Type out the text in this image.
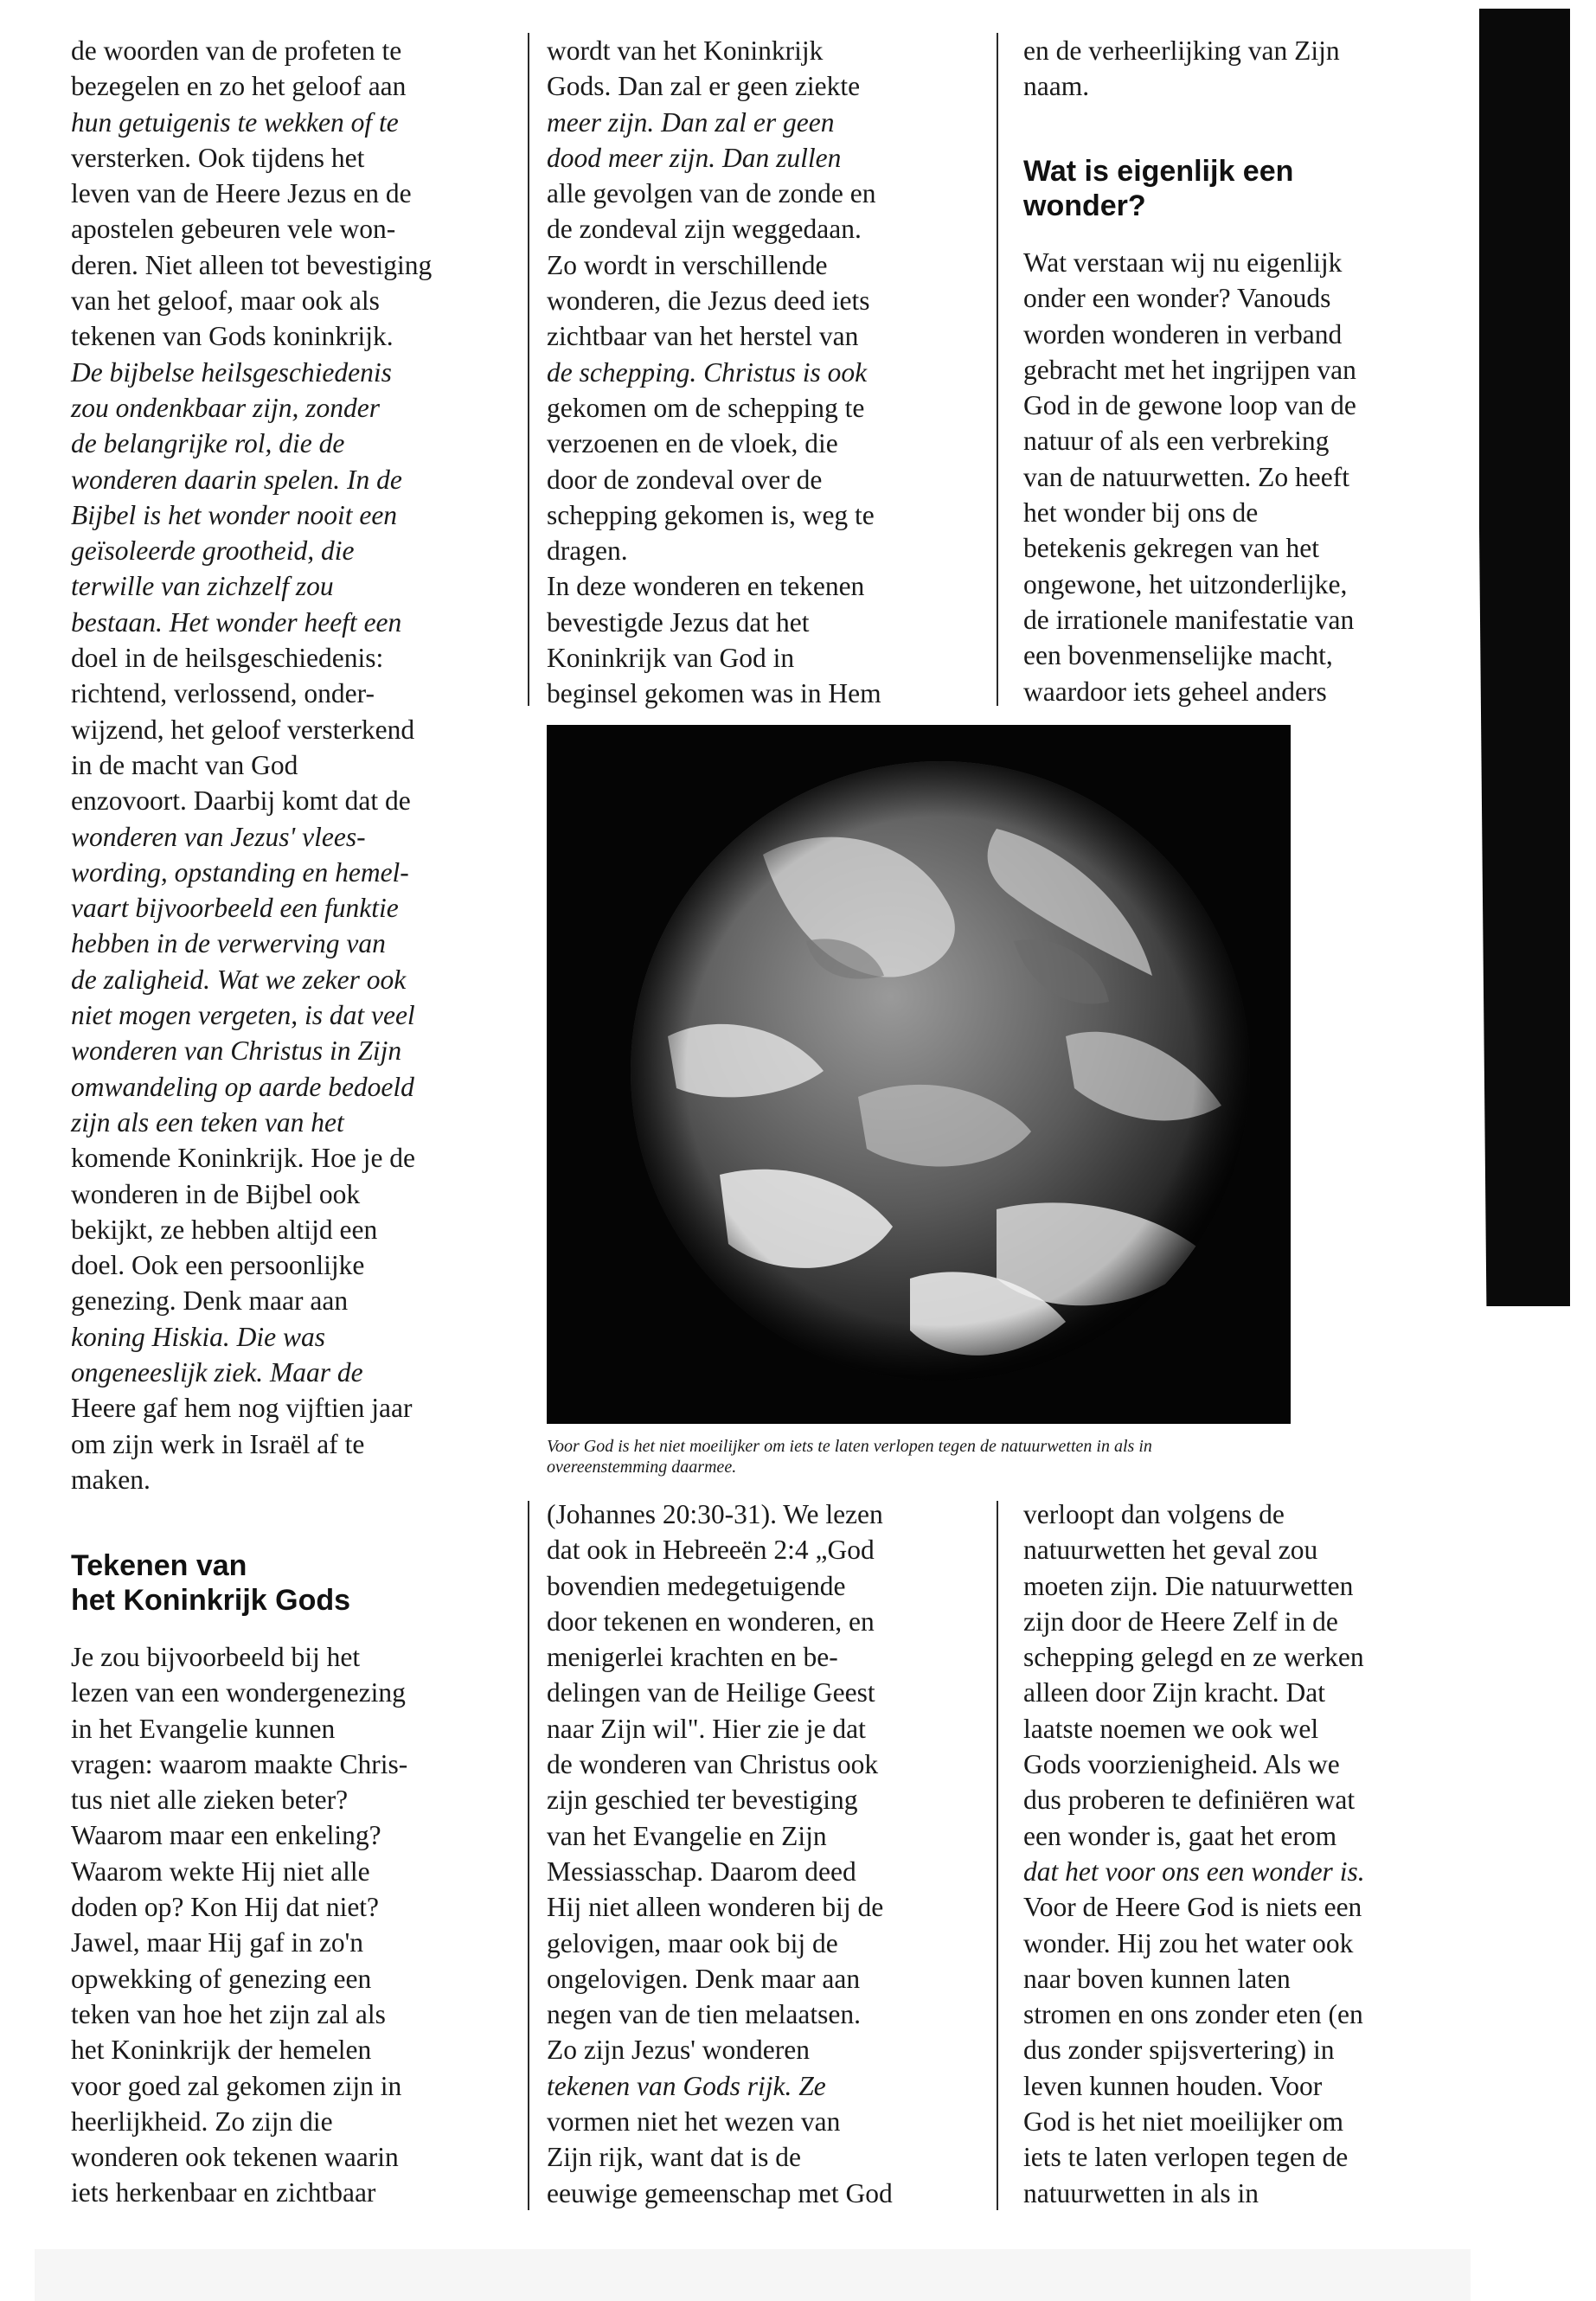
de woorden van de profeten te
bezegelen en zo het geloof aan
hun getuigenis te wekken of te
versterken. Ook tijdens het
leven van de Heere Jezus en de
apostelen gebeuren vele won-
deren. Niet alleen tot bevestiging
van het geloof, maar ook als
tekenen van Gods koninkrijk.
De bijbelse heilsgeschiedenis
zou ondenkbaar zijn, zonder
de belangrijke rol, die de
wonderen daarin spelen. In de
Bijbel is het wonder nooit een
geïsoleerde grootheid, die
terwille van zichzelf zou
bestaan. Het wonder heeft een
doel in de heilsgeschiedenis:
richtend, verlossend, onder-
wijzend, het geloof versterkend
in de macht van God
enzovoort. Daarbij komt dat de
wonderen van Jezus' vlees-
wording, opstanding en hemel-
vaart bijvoorbeeld een funktie
hebben in de verwerving van
de zaligheid. Wat we zeker ook
niet mogen vergeten, is dat veel
wonderen van Christus in Zijn
omwandeling op aarde bedoeld
zijn als een teken van het
komende Koninkrijk. Hoe je de
wonderen in de Bijbel ook
bekijkt, ze hebben altijd een
doel. Ook een persoonlijke
genezing. Denk maar aan
koning Hiskia. Die was
ongeneeslijk ziek. Maar de
Heere gaf hem nog vijftien jaar
om zijn werk in Israël af te
maken.
Tekenen van
het Koninkrijk Gods
Je zou bijvoorbeeld bij het
lezen van een wondergenezing
in het Evangelie kunnen
vragen: waarom maakte Chris-
tus niet alle zieken beter?
Waarom maar een enkeling?
Waarom wekte Hij niet alle
doden op? Kon Hij dat niet?
Jawel, maar Hij gaf in zo'n
opwekking of genezing een
teken van hoe het zijn zal als
het Koninkrijk der hemelen
voor goed zal gekomen zijn in
heerlijkheid. Zo zijn die
wonderen ook tekenen waarin
iets herkenbaar en zichtbaar
wordt van het Koninkrijk
Gods. Dan zal er geen ziekte
meer zijn. Dan zal er geen
dood meer zijn. Dan zullen
alle gevolgen van de zonde en
de zondeval zijn weggedaan.
Zo wordt in verschillende
wonderen, die Jezus deed iets
zichtbaar van het herstel van
de schepping. Christus is ook
gekomen om de schepping te
verzoenen en de vloek, die
door de zondeval over de
schepping gekomen is, weg te
dragen.
In deze wonderen en tekenen
bevestigde Jezus dat het
Koninkrijk van God in
beginsel gekomen was in Hem
en de verheerlijking van Zijn
naam.
Wat is eigenlijk een
wonder?
Wat verstaan wij nu eigenlijk
onder een wonder? Vanouds
worden wonderen in verband
gebracht met het ingrijpen van
God in de gewone loop van de
natuur of als een verbreking
van de natuurwetten. Zo heeft
het wonder bij ons de
betekenis gekregen van het
ongewone, het uitzonderlijke,
de irrationele manifestatie van
een bovenmenselijke macht,
waardoor iets geheel anders
Voor God is het niet moeilijker om iets te laten verlopen tegen de natuurwetten in als in
overeenstemming daarmee.
(Johannes 20:30-31). We lezen
dat ook in Hebreeën 2:4 „God
bovendien medegetuigende
door tekenen en wonderen, en
menigerlei krachten en be-
delingen van de Heilige Geest
naar Zijn wil". Hier zie je dat
de wonderen van Christus ook
zijn geschied ter bevestiging
van het Evangelie en Zijn
Messiasschap. Daarom deed
Hij niet alleen wonderen bij de
gelovigen, maar ook bij de
ongelovigen. Denk maar aan
negen van de tien melaatsen.
Zo zijn Jezus' wonderen
tekenen van Gods rijk. Ze
vormen niet het wezen van
Zijn rijk, want dat is de
eeuwige gemeenschap met God
verloopt dan volgens de
natuurwetten het geval zou
moeten zijn. Die natuurwetten
zijn door de Heere Zelf in de
schepping gelegd en ze werken
alleen door Zijn kracht. Dat
laatste noemen we ook wel
Gods voorzienigheid. Als we
dus proberen te definiëren wat
een wonder is, gaat het erom
dat het voor ons een wonder is.
Voor de Heere God is niets een
wonder. Hij zou het water ook
naar boven kunnen laten
stromen en ons zonder eten (en
dus zonder spijsvertering) in
leven kunnen houden. Voor
God is het niet moeilijker om
iets te laten verlopen tegen de
natuurwetten in als in
